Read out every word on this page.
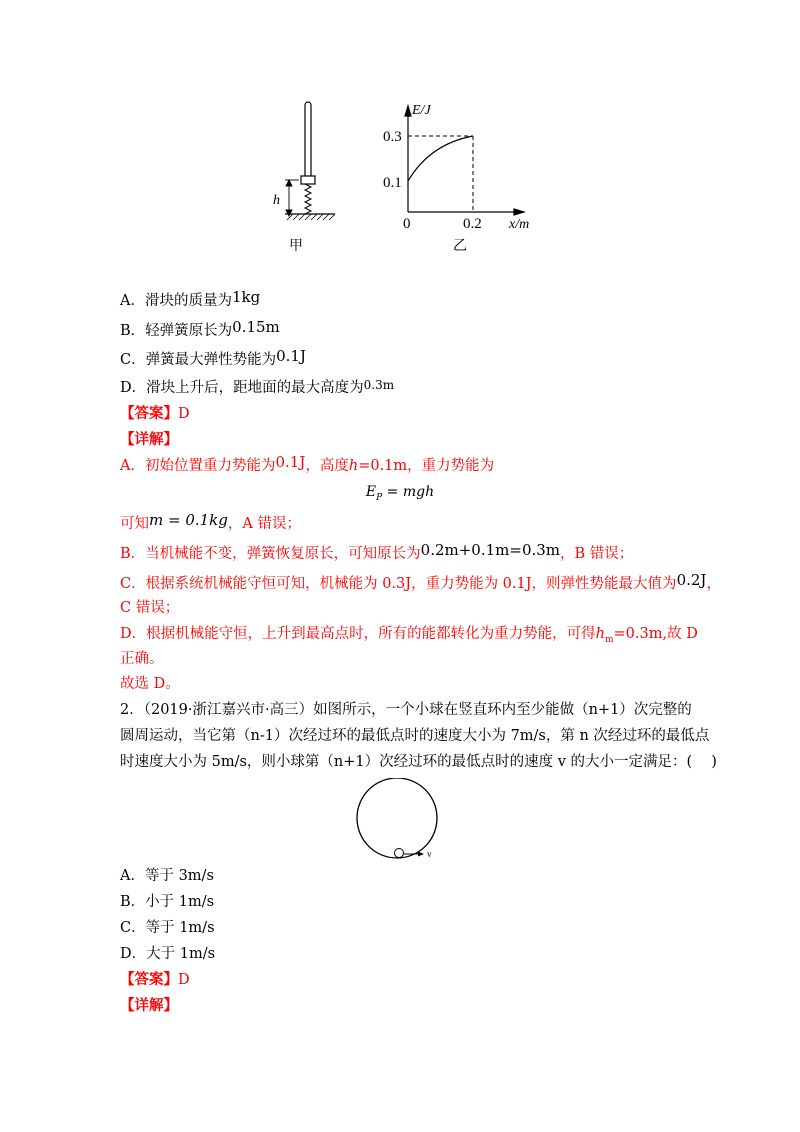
h
甲
E/J
0.3
0.1
0	0.2 x/m
乙
A．滑块的质量为1kg
B．轻弹簧原长为0.15m
C．弹簧最大弹性势能为0.1J
D．滑块上升后，距地面的最大高度为$^{0.3m}$
【答案】D
【详解】
A．初始位置重力势能为0.1J，高度h=0.1m，重力势能为
$E_P$ = mgh
可知m = 0.1kg，A 错误；
B．当机械能不变，弹簧恢复原长，可知原长为0.2m+0.1m=0.3m，B 错误；
C．根据系统机械能守恒可知，机械能为 0.3J，重力势能为 0.1J，则弹性势能最大值为0.2J，
C 错误；
D．根据机械能守恒，上升到最高点时，所有的能都转化为重力势能，可得$h_m=0.3m$,故 D
正确。
故选 D。
2．（2019·浙江嘉兴市·高三）如图所示，一个小球在竖直环内至少能做（n+1）次完整的
圆周运动，当它第（n-1）次经过环的最低点时的速度大小为 7m/s，第 n 次经过环的最低点
时速度大小为 5m/s，则小球第（n+1）次经过环的最低点时的速度 v 的大小一定满足：(　 )
v
A．等于 3m/s
B．小于 1m/s
C．等于 1m/s
D．大于 1m/s
【答案】D
【详解】
